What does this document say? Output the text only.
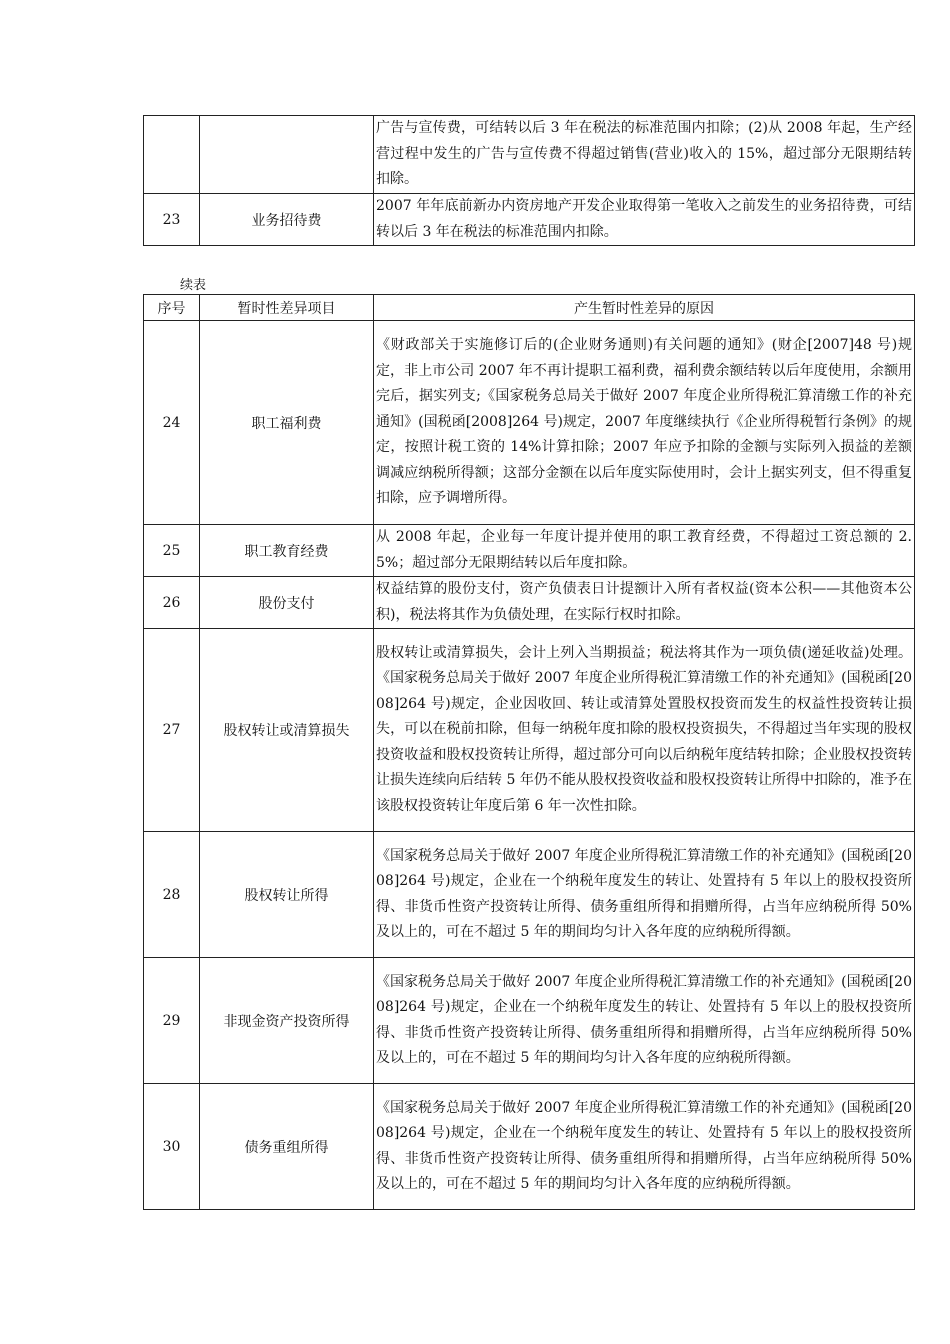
		广告与宣传费，可结转以后 3 年在税法的标准范围内扣除；(2)从 2008 年起，生产经营过程中发生的广告与宣传费不得超过销售(营业)收入的 15%，超过部分无限期结转扣除。
23	业务招待费	2007 年年底前新办内资房地产开发企业取得第一笔收入之前发生的业务招待费，可结转以后 3 年在税法的标准范围内扣除。
续表
序号	暂时性差异项目	产生暂时性差异的原因
24	职工福利费	《财政部关于实施修订后的(企业财务通则)有关问题的通知》(财企[2007]48 号)规定，非上市公司 2007 年不再计提职工福利费，福利费余额结转以后年度使用，余额用完后，据实列支;《国家税务总局关于做好 2007 年度企业所得税汇算清缴工作的补充通知》(国税函[2008]264 号)规定，2007 年度继续执行《企业所得税暂行条例》的规定，按照计税工资的 14%计算扣除；2007 年应予扣除的金额与实际列入损益的差额调减应纳税所得额；这部分金额在以后年度实际使用时，会计上据实列支，但不得重复扣除，应予调增所得。
25	职工教育经费	从 2008 年起，企业每一年度计提并使用的职工教育经费，不得超过工资总额的 2.5%；超过部分无限期结转以后年度扣除。
26	股份支付	权益结算的股份支付，资产负债表日计提额计入所有者权益(资本公积——其他资本公积)，税法将其作为负债处理，在实际行权时扣除。
27	股权转让或清算损失	股权转让或清算损失，会计上列入当期损益；税法将其作为一项负债(递延收益)处理。《国家税务总局关于做好 2007 年度企业所得税汇算清缴工作的补充通知》(国税函[2008]264 号)规定，企业因收回、转让或清算处置股权投资而发生的权益性投资转让损失，可以在税前扣除，但每一纳税年度扣除的股权投资损失，不得超过当年实现的股权投资收益和股权投资转让所得，超过部分可向以后纳税年度结转扣除；企业股权投资转让损失连续向后结转 5 年仍不能从股权投资收益和股权投资转让所得中扣除的，准予在该股权投资转让年度后第 6 年一次性扣除。
28	股权转让所得	《国家税务总局关于做好 2007 年度企业所得税汇算清缴工作的补充通知》(国税函[2008]264 号)规定，企业在一个纳税年度发生的转让、处置持有 5 年以上的股权投资所得、非货币性资产投资转让所得、债务重组所得和捐赠所得，占当年应纳税所得 50%及以上的，可在不超过 5 年的期间均匀计入各年度的应纳税所得额。
29	非现金资产投资所得	《国家税务总局关于做好 2007 年度企业所得税汇算清缴工作的补充通知》(国税函[2008]264 号)规定，企业在一个纳税年度发生的转让、处置持有 5 年以上的股权投资所得、非货币性资产投资转让所得、债务重组所得和捐赠所得，占当年应纳税所得 50%及以上的，可在不超过 5 年的期间均匀计入各年度的应纳税所得额。
30	债务重组所得	《国家税务总局关于做好 2007 年度企业所得税汇算清缴工作的补充通知》(国税函[2008]264 号)规定，企业在一个纳税年度发生的转让、处置持有 5 年以上的股权投资所得、非货币性资产投资转让所得、债务重组所得和捐赠所得，占当年应纳税所得 50%及以上的，可在不超过 5 年的期间均匀计入各年度的应纳税所得额。
